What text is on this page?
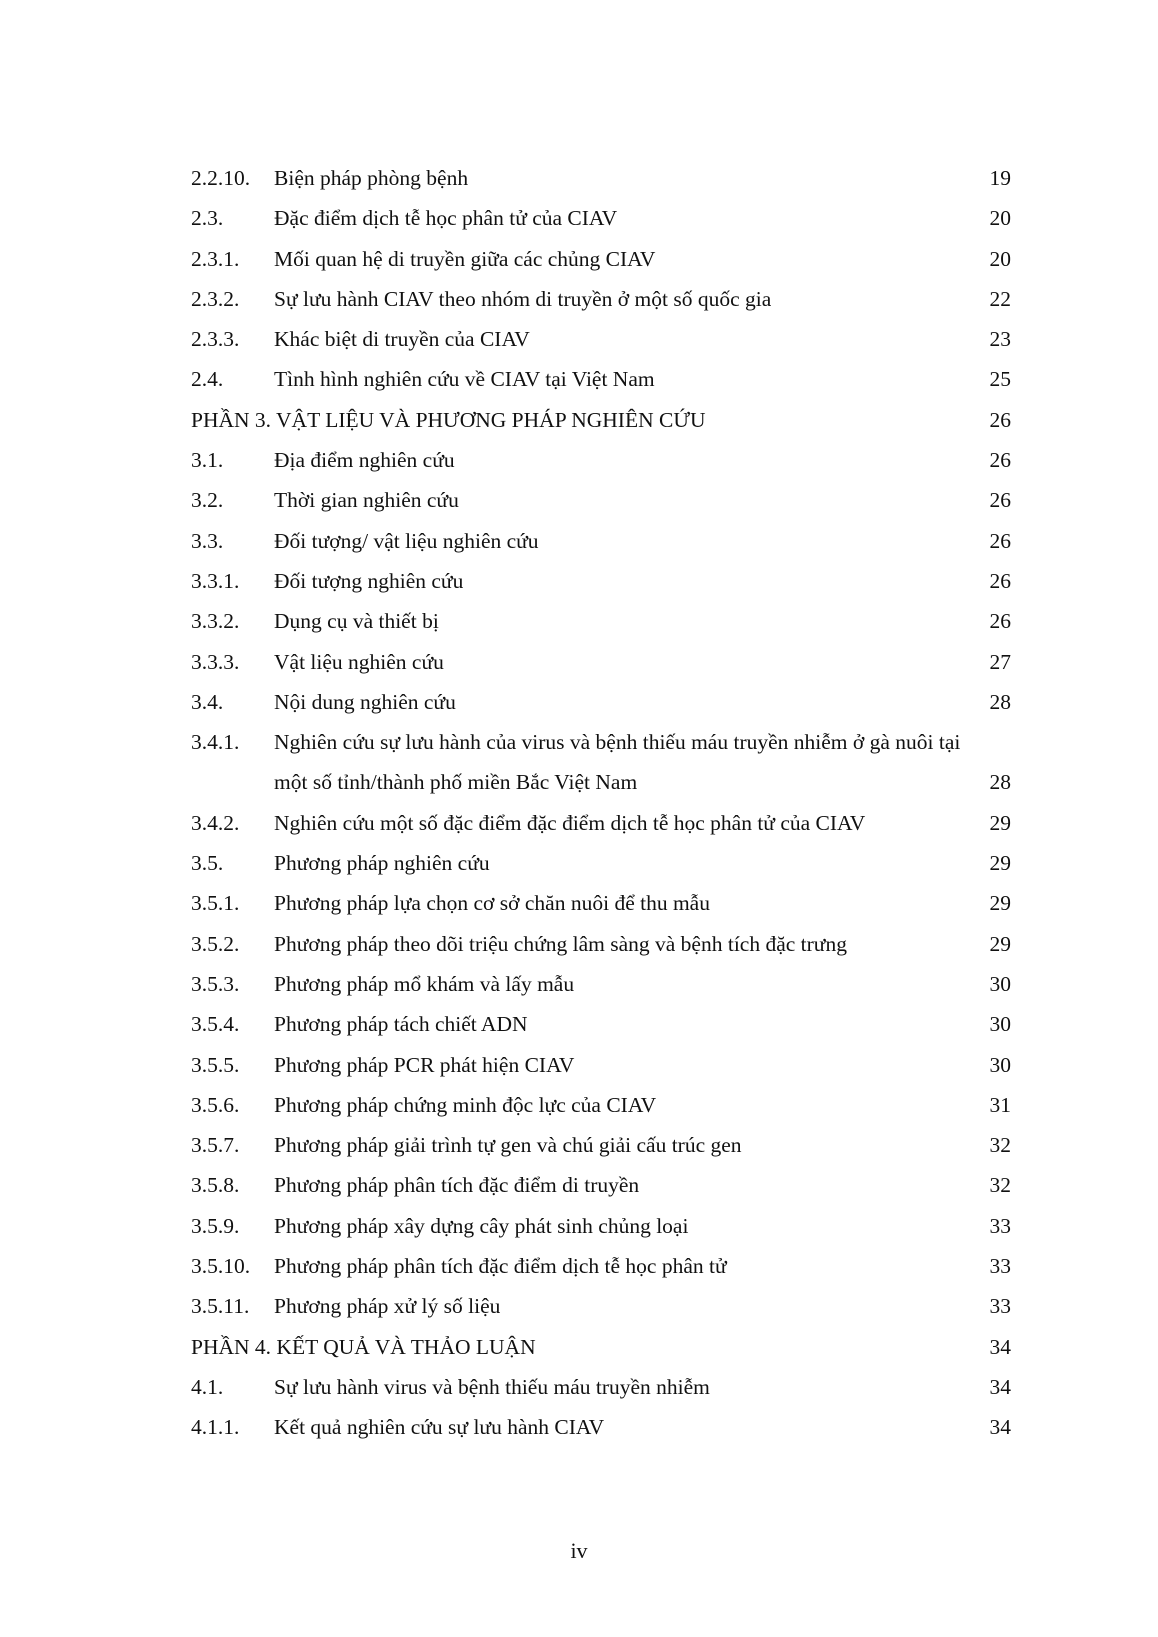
2.2.10. Biện pháp phòng bệnh	19
2.3. Đặc điểm dịch tễ học phân tử của CIAV	20
2.3.1. Mối quan hệ di truyền giữa các chủng CIAV	20
2.3.2. Sự lưu hành CIAV theo nhóm di truyền ở một số quốc gia	22
2.3.3. Khác biệt di truyền của CIAV	23
2.4. Tình hình nghiên cứu về CIAV tại Việt Nam	25
PHẦN 3. VẬT LIỆU VÀ PHƯƠNG PHÁP NGHIÊN CỨU	26
3.1. Địa điểm nghiên cứu	26
3.2. Thời gian nghiên cứu	26
3.3. Đối tượng/ vật liệu nghiên cứu	26
3.3.1. Đối tượng nghiên cứu	26
3.3.2. Dụng cụ và thiết bị	26
3.3.3. Vật liệu nghiên cứu	27
3.4. Nội dung nghiên cứu	28
3.4.1. Nghiên cứu sự lưu hành của virus và bệnh thiếu máu truyền nhiễm ở gà nuôi tại một số tỉnh/thành phố miền Bắc Việt Nam	28
3.4.2. Nghiên cứu một số đặc điểm đặc điểm dịch tễ học phân tử của CIAV	29
3.5. Phương pháp nghiên cứu	29
3.5.1. Phương pháp lựa chọn cơ sở chăn nuôi để thu mẫu	29
3.5.2. Phương pháp theo dõi triệu chứng lâm sàng và bệnh tích đặc trưng	29
3.5.3. Phương pháp mổ khám và lấy mẫu	30
3.5.4. Phương pháp tách chiết ADN	30
3.5.5. Phương pháp PCR phát hiện CIAV	30
3.5.6. Phương pháp chứng minh độc lực của CIAV	31
3.5.7. Phương pháp giải trình tự gen và chú giải cấu trúc gen	32
3.5.8. Phương pháp phân tích đặc điểm di truyền	32
3.5.9. Phương pháp xây dựng cây phát sinh chủng loại	33
3.5.10. Phương pháp phân tích đặc điểm dịch tễ học phân tử	33
3.5.11. Phương pháp xử lý số liệu	33
PHẦN 4. KẾT QUẢ VÀ THẢO LUẬN	34
4.1. Sự lưu hành virus và bệnh thiếu máu truyền nhiễm	34
4.1.1. Kết quả nghiên cứu sự lưu hành CIAV	34
iv
